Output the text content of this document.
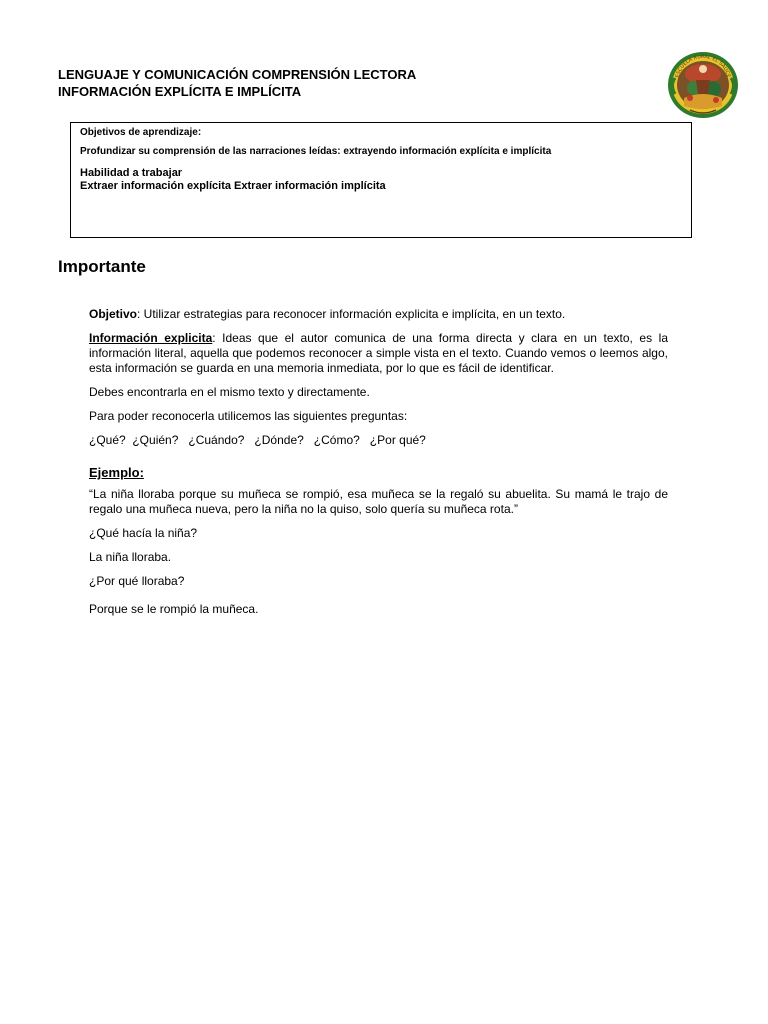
LENGUAJE Y COMUNICACIÓN COMPRENSIÓN LECTORA
INFORMACIÓN EXPLÍCITA E IMPLÍCITA
ESCUELA RURAL EL SAUCE

Objetivos de aprendizaje:

Profundizar su comprensión de las narraciones leídas: extrayendo información explícita e implícita

Habilidad a trabajar

Extraer información explícita Extraer información implícita

Importante

Objetivo: Utilizar estrategias para reconocer información explicita e implícita, en un texto.

Información explicita: Ideas que el autor comunica de una forma directa y clara en un texto, es la información literal, aquella que podemos reconocer a simple vista en el texto. Cuando vemos o leemos algo, esta información se guarda en una memoria inmediata, por lo que es fácil de identificar.

Debes encontrarla en el mismo texto y directamente.

Para poder reconocerla utilicemos las siguientes preguntas:

¿Qué?  ¿Quién?   ¿Cuándo?   ¿Dónde?   ¿Cómo?   ¿Por qué?

Ejemplo:

“La niña lloraba porque su muñeca se rompió, esa muñeca se la regaló su abuelita. Su mamá le trajo de regalo una muñeca nueva, pero la niña no la quiso, solo quería su muñeca rota.”

¿Qué hacía la niña?

La niña lloraba.

¿Por qué lloraba?

Porque se le rompió la muñeca.
